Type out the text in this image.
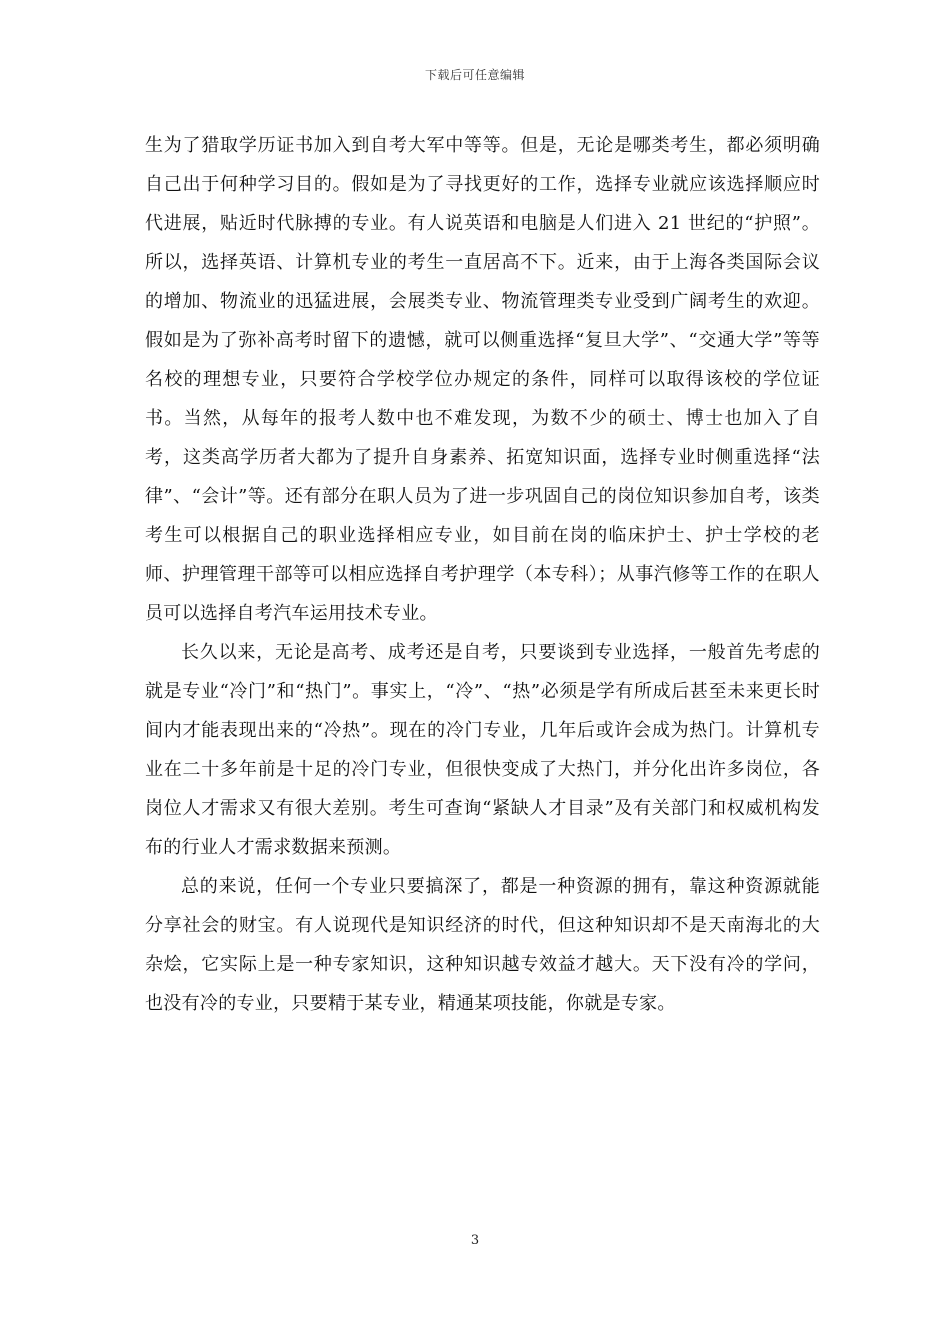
下载后可任意编辑

生为了猎取学历证书加入到自考大军中等等。但是，无论是哪类考生，都必须明确自己出于何种学习目的。假如是为了寻找更好的工作，选择专业就应该选择顺应时代进展，贴近时代脉搏的专业。有人说英语和电脑是人们进入 21 世纪的“护照”。所以，选择英语、计算机专业的考生一直居高不下。近来，由于上海各类国际会议的增加、物流业的迅猛进展，会展类专业、物流管理类专业受到广阔考生的欢迎。假如是为了弥补高考时留下的遗憾，就可以侧重选择“复旦大学”、“交通大学”等等名校的理想专业，只要符合学校学位办规定的条件，同样可以取得该校的学位证书。当然，从每年的报考人数中也不难发现，为数不少的硕士、博士也加入了自考，这类高学历者大都为了提升自身素养、拓宽知识面，选择专业时侧重选择“法律”、“会计”等。还有部分在职人员为了进一步巩固自己的岗位知识参加自考，该类考生可以根据自己的职业选择相应专业，如目前在岗的临床护士、护士学校的老师、护理管理干部等可以相应选择自考护理学（本专科）；从事汽修等工作的在职人员可以选择自考汽车运用技术专业。

长久以来，无论是高考、成考还是自考，只要谈到专业选择，一般首先考虑的就是专业“冷门”和“热门”。事实上，“冷”、“热”必须是学有所成后甚至未来更长时间内才能表现出来的“冷热”。现在的冷门专业，几年后或许会成为热门。计算机专业在二十多年前是十足的冷门专业，但很快变成了大热门，并分化出许多岗位，各岗位人才需求又有很大差别。考生可查询“紧缺人才目录”及有关部门和权威机构发布的行业人才需求数据来预测。

总的来说，任何一个专业只要搞深了，都是一种资源的拥有，靠这种资源就能分享社会的财宝。有人说现代是知识经济的时代，但这种知识却不是天南海北的大杂烩，它实际上是一种专家知识，这种知识越专效益才越大。天下没有冷的学问，也没有冷的专业，只要精于某专业，精通某项技能，你就是专家。

3
